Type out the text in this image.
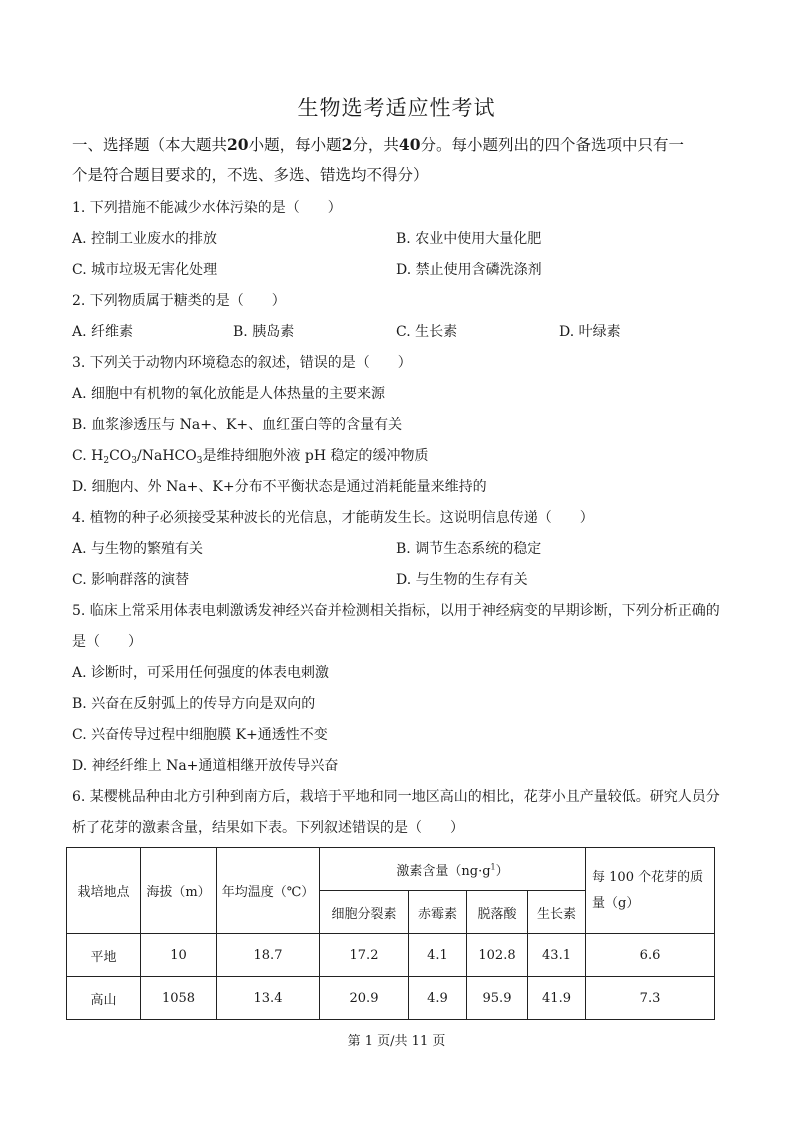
生物选考适应性考试
一、选择题（本大题共20小题，每小题2分，共40分。每小题列出的四个备选项中只有一
个是符合题目要求的，不选、多选、错选均不得分）
1. 下列措施不能减少水体污染的是（　　）
A. 控制工业废水的排放	B. 农业中使用大量化肥
C. 城市垃圾无害化处理	D. 禁止使用含磷洗涤剂
2. 下列物质属于糖类的是（　　）
A. 纤维素	B. 胰岛素	C. 生长素	D. 叶绿素
3. 下列关于动物内环境稳态的叙述，错误的是（　　）
A. 细胞中有机物的氧化放能是人体热量的主要来源
B. 血浆渗透压与 Na+、K+、血红蛋白等的含量有关
C. $H_2CO_3/NaHCO_3$是维持细胞外液 pH 稳定的缓冲物质
D. 细胞内、外 Na+、K+分布不平衡状态是通过消耗能量来维持的
4. 植物的种子必须接受某种波长的光信息，才能萌发生长。这说明信息传递（　　）
A. 与生物的繁殖有关	B. 调节生态系统的稳定
C. 影响群落的演替	D. 与生物的生存有关
5. 临床上常采用体表电刺激诱发神经兴奋并检测相关指标，以用于神经病变的早期诊断，下列分析正确的
是（　　）
A. 诊断时，可采用任何强度的体表电刺激
B. 兴奋在反射弧上的传导方向是双向的
C. 兴奋传导过程中细胞膜 K+通透性不变
D. 神经纤维上 Na+通道相继开放传导兴奋
6. 某樱桃品种由北方引种到南方后，栽培于平地和同一地区高山的相比，花芽小且产量较低。研究人员分
析了花芽的激素含量，结果如下表。下列叙述错误的是（　　）
栽培地点	海拔（m）	年均温度（℃）	激素含量$(ng\cdot g^1)$				每 100 个花芽的质
量（g）

			细胞分裂素	赤霉素	脱落酸	生长素	
平地	10	18.7	17.2	4.1	102.8	43.1	6.6
高山	1058	13.4	20.9	4.9	95.9	41.9	7.3
第 1 页/共 11 页
